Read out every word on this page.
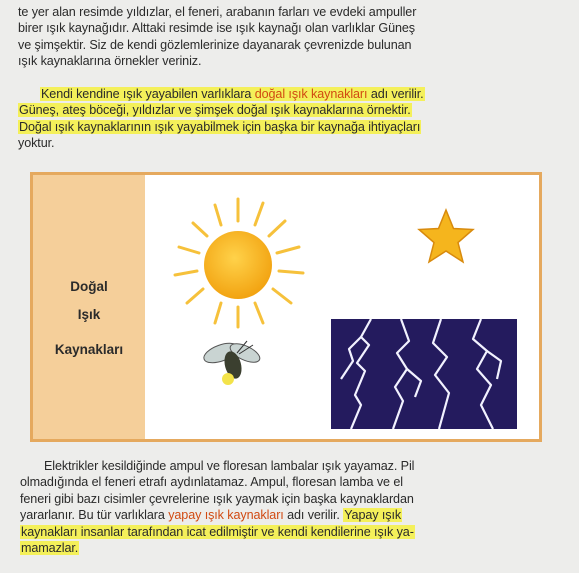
te yer alan resimde yıldızlar, el feneri, arabanın farları ve evdeki ampuller
birer ışık kaynağıdır. Alttaki resimde ise ışık kaynağı olan varlıklar Güneş
ve şimşektir. Siz de kendi gözlemlerinize dayanarak çevrenizde bulunan
ışık kaynaklarına örnekler veriniz.
Kendi kendine ışık yayabilen varlıklara doğal ışık kaynakları adı verilir.
Güneş, ateş böceği, yıldızlar ve şimşek doğal ışık kaynaklarına örnektir.
Doğal ışık kaynaklarının ışık yayabilmek için başka bir kaynağa ihtiyaçları
yoktur.
Doğal
Işık
Kaynakları
Elektrikler kesildiğinde ampul ve floresan lambalar ışık yayamaz. Pil
olmadığında el feneri etrafı aydınlatamaz. Ampul, floresan lamba ve el
feneri gibi bazı cisimler çevrelerine ışık yaymak için başka kaynaklardan
yararlanır. Bu tür varlıklara yapay ışık kaynakları adı verilir. Yapay ışık
kaynakları insanlar tarafından icat edilmiştir ve kendi kendilerine ışık ya-
mamazlar.
